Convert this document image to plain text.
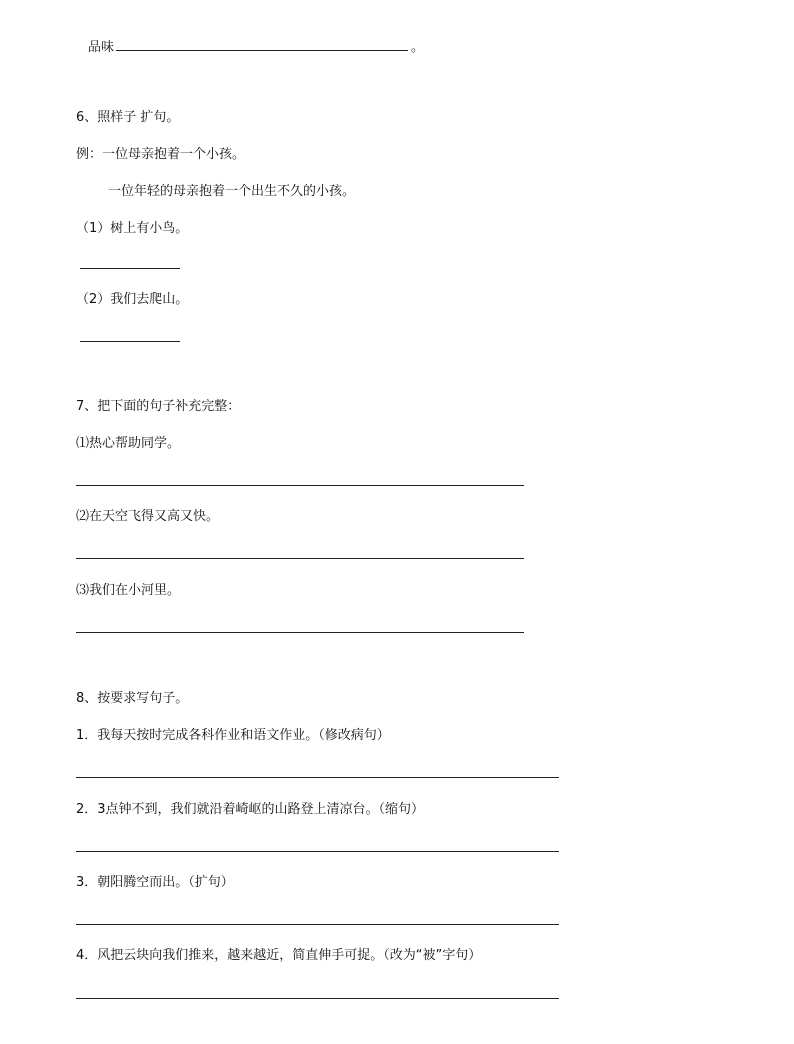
品味	。
6、照样子 扩句。
例：一位母亲抱着一个小孩。
一位年轻的母亲抱着一个出生不久的小孩。
（1）树上有小鸟。
（2）我们去爬山。
7、把下面的句子补充完整：
⑴热心帮助同学。
⑵在天空飞得又高又快。
⑶我们在小河里。
8、按要求写句子。
1．我每天按时完成各科作业和语文作业。（修改病句）
2．3点钟不到，我们就沿着崎岖的山路登上清凉台。（缩句）
3．朝阳腾空而出。（扩句）
4．风把云块向我们推来，越来越近，简直伸手可捉。（改为“被”字句）
